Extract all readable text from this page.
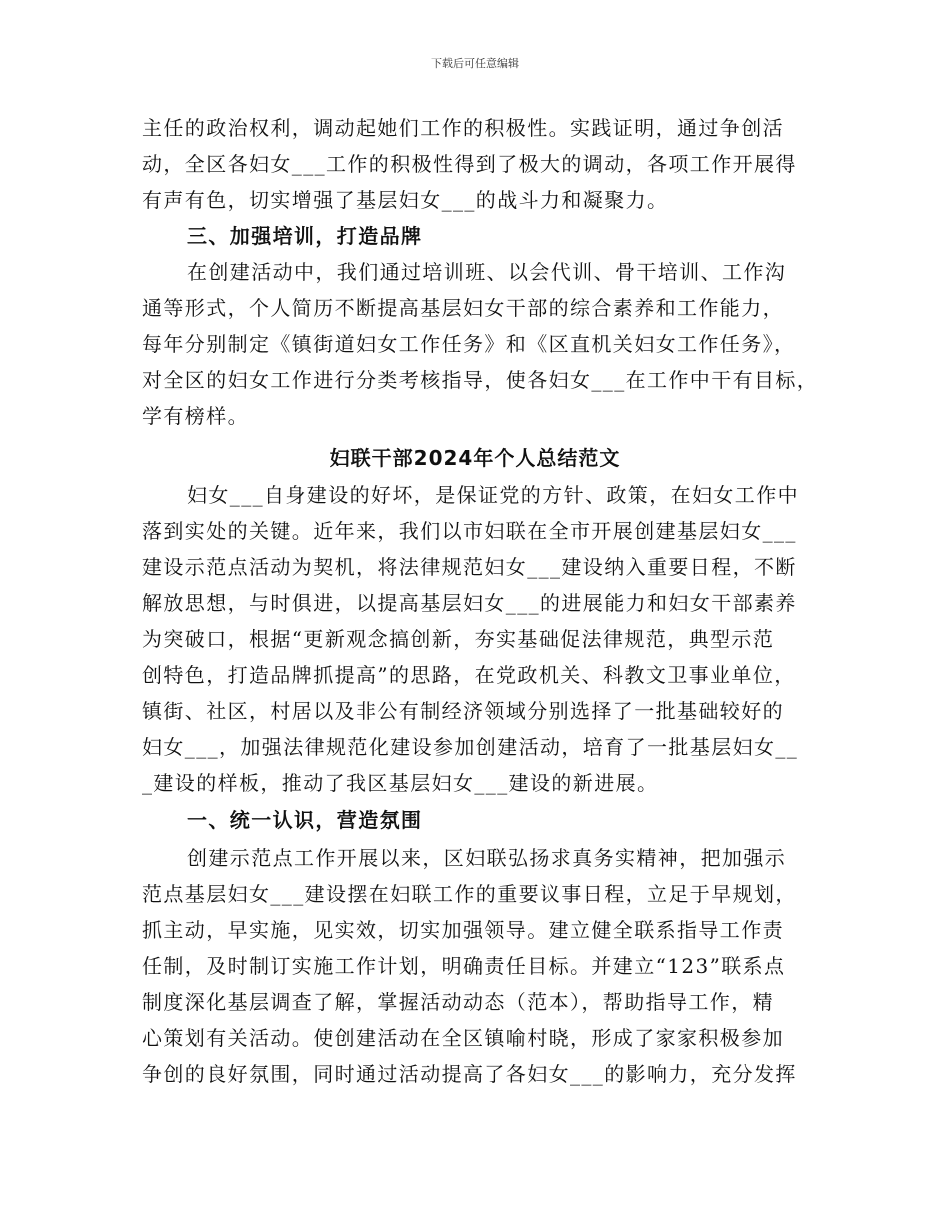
下载后可任意编辑
主任的政治权利，调动起她们工作的积极性。实践证明，通过争创活
动，全区各妇女___工作的积极性得到了极大的调动，各项工作开展得
有声有色，切实增强了基层妇女___的战斗力和凝聚力。
三、加强培训，打造品牌
在创建活动中，我们通过培训班、以会代训、骨干培训、工作沟
通等形式，个人简历不断提高基层妇女干部的综合素养和工作能力，
每年分别制定《镇街道妇女工作任务》和《区直机关妇女工作任务》，
对全区的妇女工作进行分类考核指导，使各妇女___在工作中干有目标，
学有榜样。
妇联干部2024年个人总结范文
妇女___自身建设的好坏，是保证党的方针、政策，在妇女工作中
落到实处的关键。近年来，我们以市妇联在全市开展创建基层妇女___
建设示范点活动为契机，将法律规范妇女___建设纳入重要日程，不断
解放思想，与时俱进，以提高基层妇女___的进展能力和妇女干部素养
为突破口，根据“更新观念搞创新，夯实基础促法律规范，典型示范
创特色，打造品牌抓提高”的思路，在党政机关、科教文卫事业单位，
镇街、社区，村居以及非公有制经济领域分别选择了一批基础较好的
妇女___，加强法律规范化建设参加创建活动，培育了一批基层妇女__
_建设的样板，推动了我区基层妇女___建设的新进展。
一、统一认识，营造氛围
创建示范点工作开展以来，区妇联弘扬求真务实精神，把加强示
范点基层妇女___建设摆在妇联工作的重要议事日程，立足于早规划，
抓主动，早实施，见实效，切实加强领导。建立健全联系指导工作责
任制，及时制订实施工作计划，明确责任目标。并建立“123”联系点
制度深化基层调查了解，掌握活动动态（范本），帮助指导工作，精
心策划有关活动。使创建活动在全区镇喻村晓，形成了家家积极参加
争创的良好氛围，同时通过活动提高了各妇女___的影响力，充分发挥
